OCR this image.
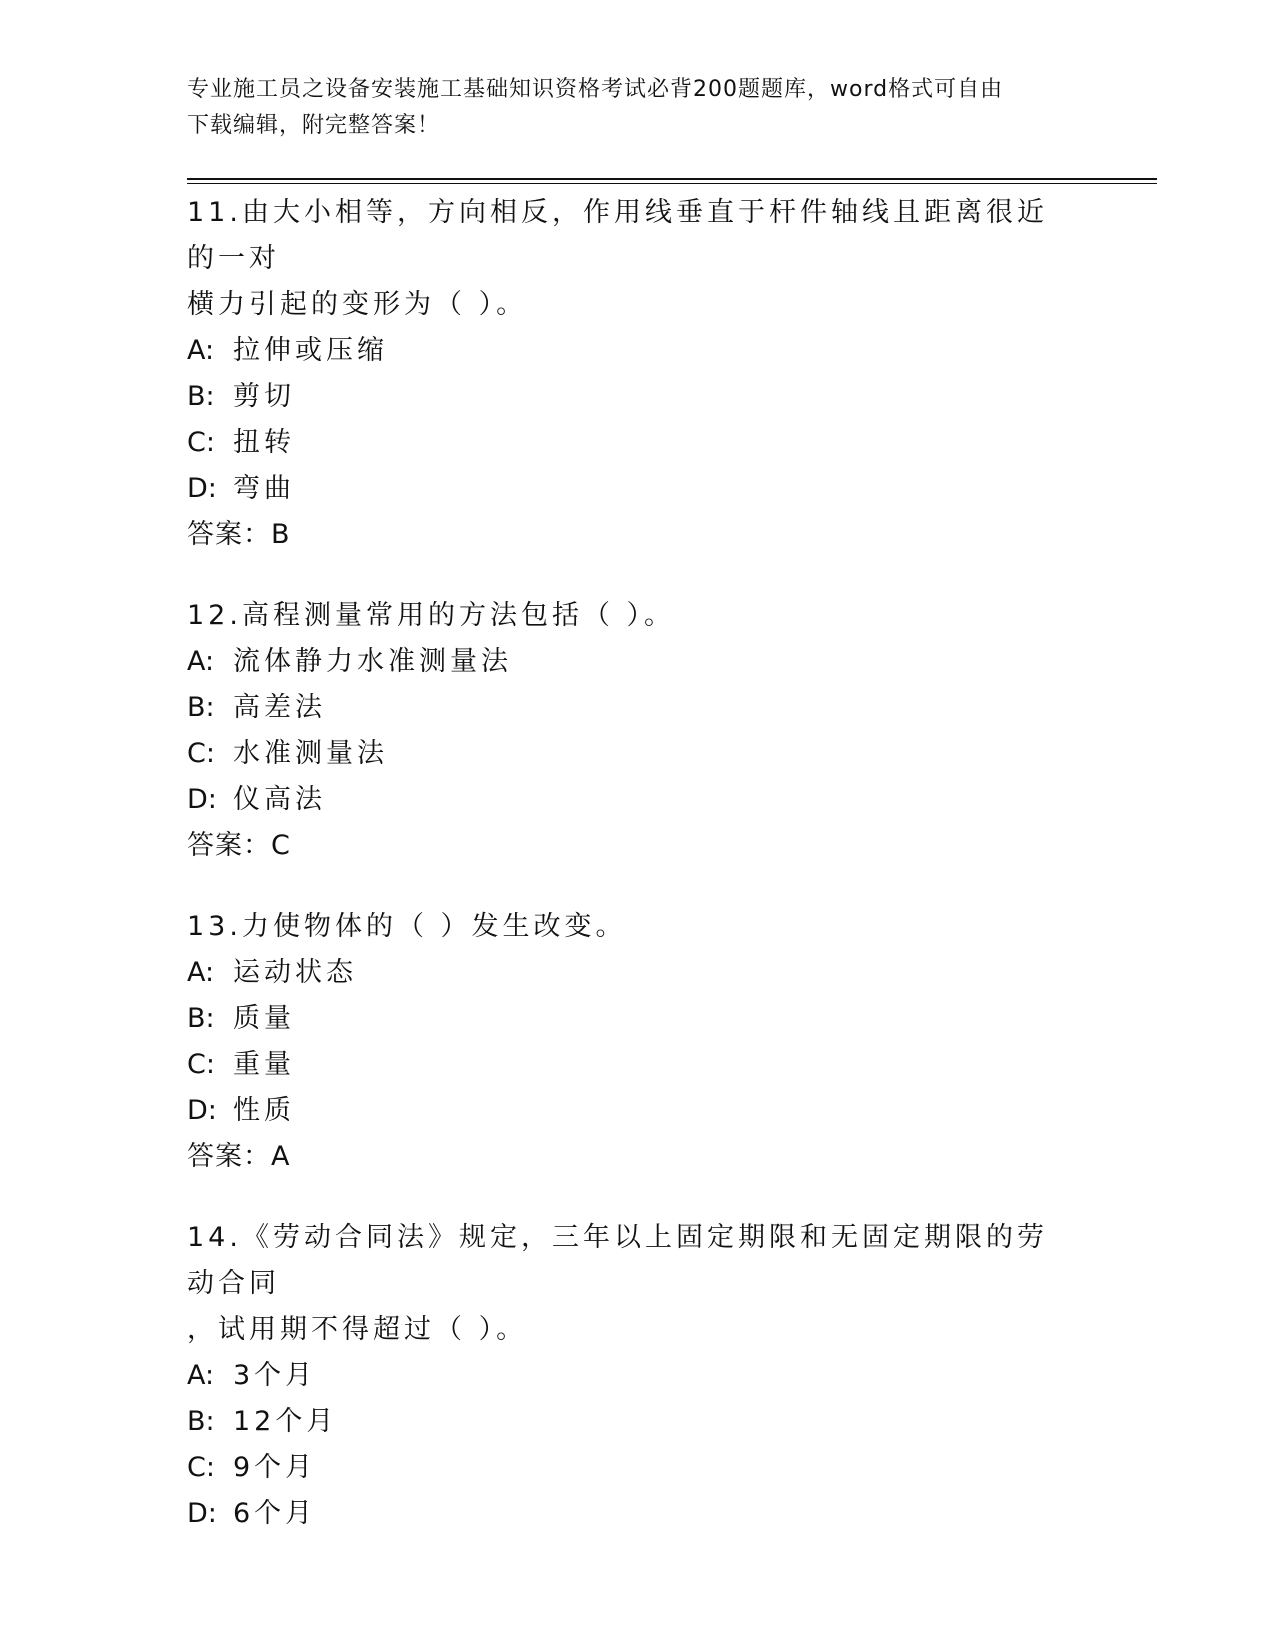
专业施工员之设备安装施工基础知识资格考试必背200题题库，word格式可自由
下载编辑，附完整答案！
11.由大小相等，方向相反，作用线垂直于杆件轴线且距离很近的一对
横力引起的变形为（ ）。
A: 拉伸或压缩
B: 剪切
C: 扭转
D: 弯曲
答案：B
12.高程测量常用的方法包括（ ）。
A: 流体静力水准测量法
B: 高差法
C: 水准测量法
D: 仪高法
答案：C
13.力使物体的（ ）发生改变。
A: 运动状态
B: 质量
C: 重量
D: 性质
答案：A
14.《劳动合同法》规定，三年以上固定期限和无固定期限的劳动合同
，试用期不得超过（ ）。
A: 3个月
B: 12个月
C: 9个月
D: 6个月
